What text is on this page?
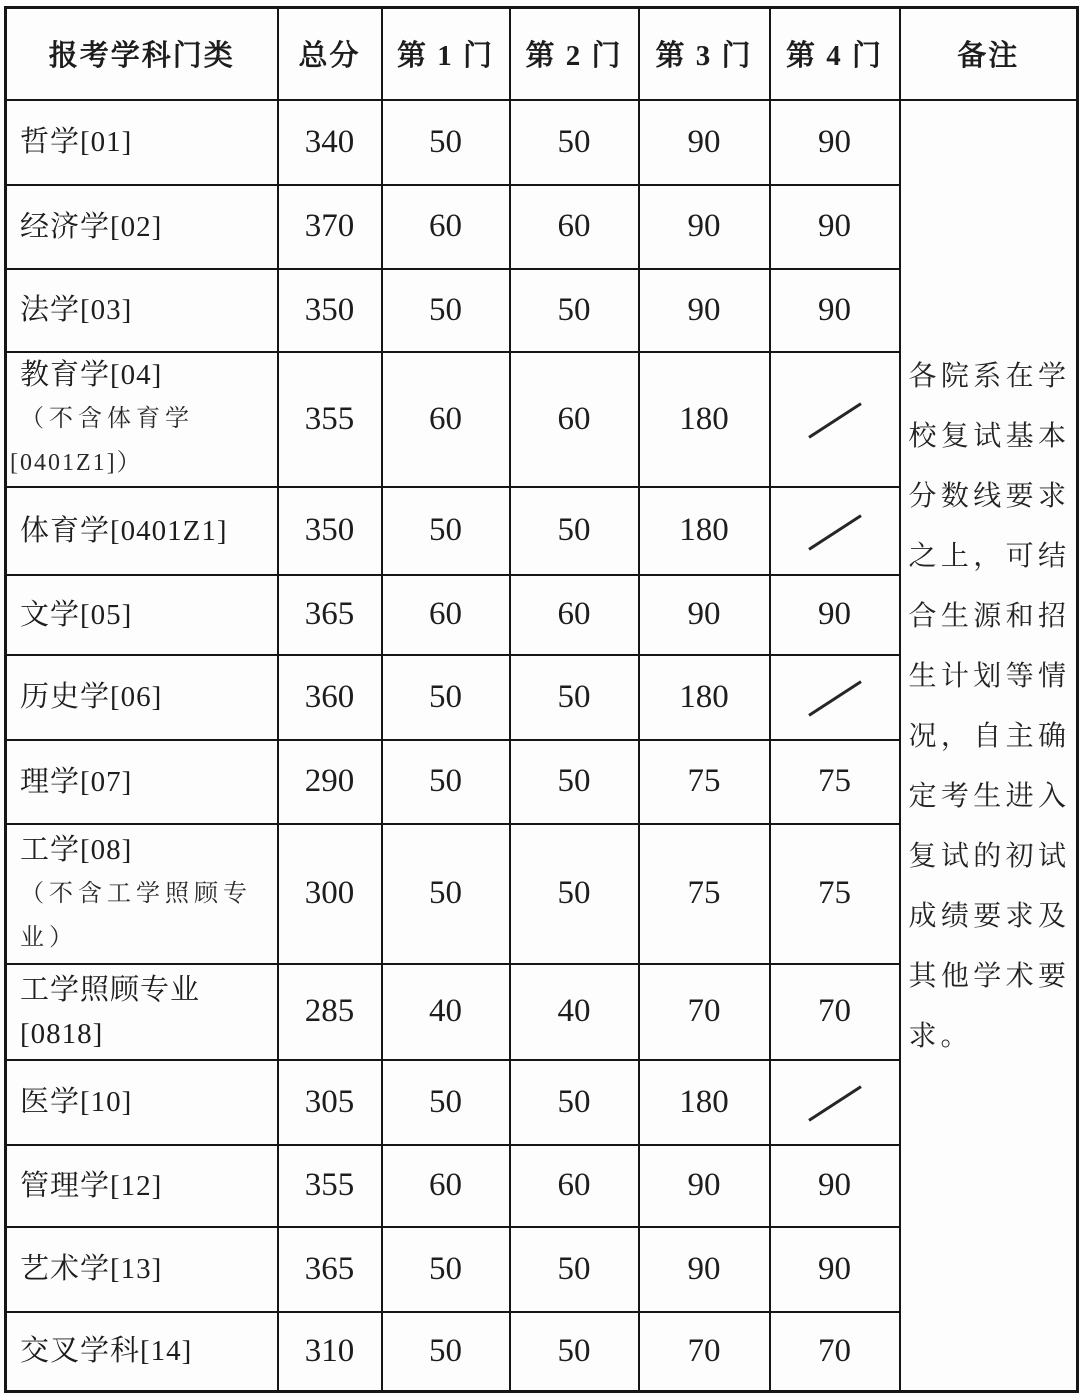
报考学科门类	总分	第 1 门	第 2 门	第 3 门	第 4 门	备注

哲学[01]	340	50	50	90	90	
各院系在学
校复试基本
分数线要求
之上，可结
合生源和招
生计划等情
况，自主确
定考生进入
复试的初试
成绩要求及
其他学术要
求。

经济学[02]	370	60	60	90	90	

法学[03]	350	50	50	90	90	

教育学[04]
（不含体育学
[0401Z1]）	355	60	60	180		

体育学[0401Z1]	350	50	50	180		

文学[05]	365	60	60	90	90	

历史学[06]	360	50	50	180		

理学[07]	290	50	50	75	75	

工学[08]
（不含工学照顾专
业）	300	50	50	75	75	

工学照顾专业
[0818]	285	40	40	70	70	

医学[10]	305	50	50	180		

管理学[12]	355	60	60	90	90	

艺术学[13]	365	50	50	90	90	

交叉学科[14]	310	50	50	70	70	
